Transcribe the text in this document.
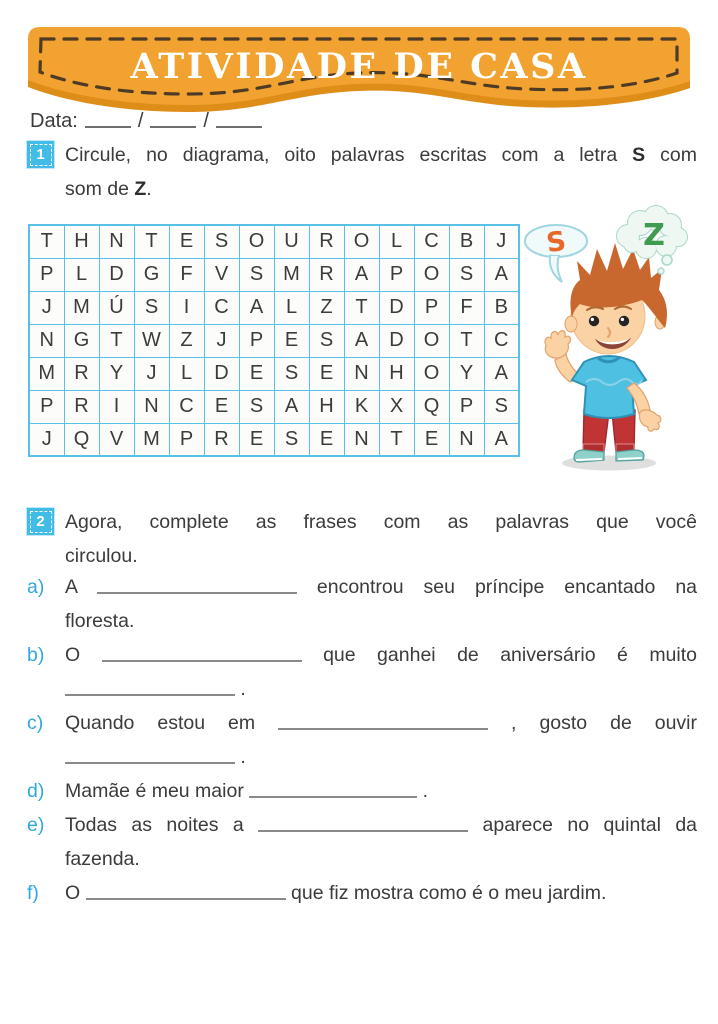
ATIVIDADE DE CASA
Data:	/	/
1	Circule, no diagrama, oito palavras escritas com a letra S com
som de Z.
T	H	N	T	E	S	O	U	R	O	L	C	B	J
P	L	D	G	F	V	S	M	R	A	P	O	S	A
J	M	Ú	S	I	C	A	L	Z	T	D	P	F	B
N	G	T	W	Z	J	P	E	S	A	D	O	T	C
M	R	Y	J	L	D	E	S	E	N	H	O	Y	A
P	R	I	N	C	E	S	A	H	K	X	Q	P	S
J	Q	V	M	P	R	E	S	E	N	T	E	N	A
S	Z
2	Agora, complete as frases com as palavras que você
circulou.
a)	A	encontrou seu príncipe encantado na
floresta.
b)	O	que ganhei de aniversário é muito
.
c)	Quando estou em	, gosto de ouvir
.
d)	Mamãe é meu maior	.
e)	Todas as noites a	aparece no quintal da
fazenda.
f)	O	que fiz mostra como é o meu jardim.
